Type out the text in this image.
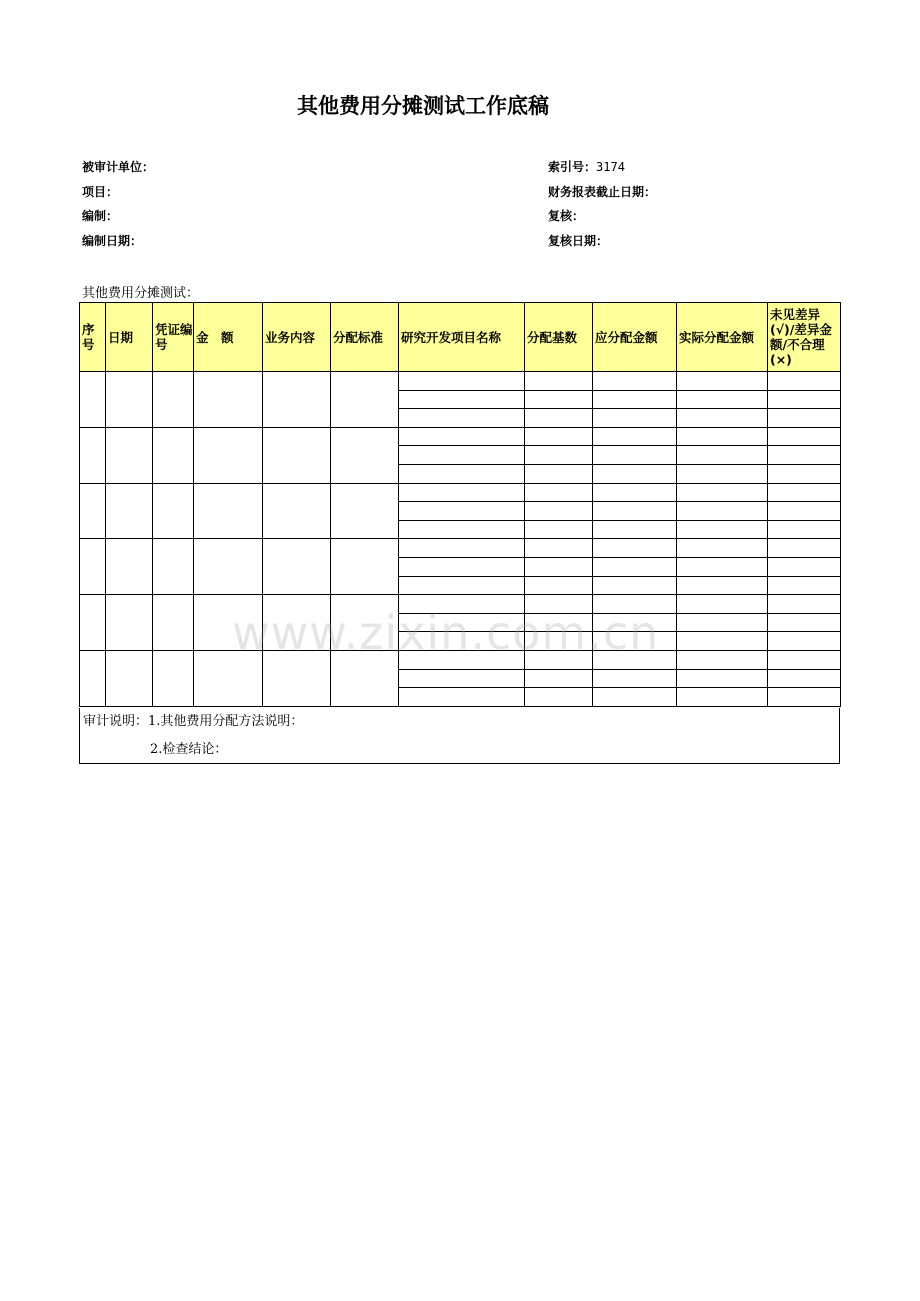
其他费用分摊测试工作底稿
被审计单位：	索引号：3174
项目：	财务报表截止日期：
编制：	复核：
编制日期：	复核日期：
其他费用分摊测试：
序号	日期	凭证编号	金　额	业务内容	分配标准	研究开发项目名称	分配基数	应分配金额	实际分配金额	未见差异(√)/差异金额/不合理(×)

审计说明：1.其他费用分配方法说明：
2.检查结论：
www.zixin.com.cn
